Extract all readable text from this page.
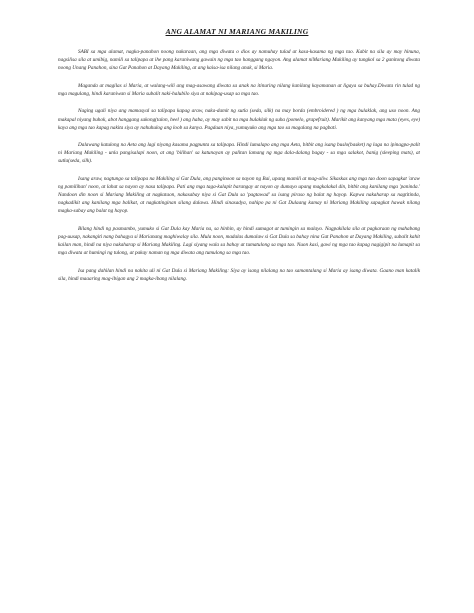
ANG ALAMAT NI MARIANG MAKILING

SABI sa mga alamat, nagka-panahon noong nakaraan, ang mga diwata o dios ay namuhay tulad at kasa-kasama ng mga tao. Kabit na sila ay may hinuna, nagsilisa sila at umibig, namili sa talipapa at ihe pang karaniwang gawain ng mga tao hanggang ngayon. Ang alamat niMariang Makiling ay tungkol sa 2 ganitong diwata noong Unang Panahon, sina Gat Panahon at Dayang Makiling, at ang kaisa-isa nilang anak, si Maria.

Maganda at magilas si Maria, at walang-wili ang mag-asawang diwata sa anak na itinuring nilang kanilang kayamanan at ligaya sa buhay.Diwata rin tulad ng mga magulang, hindi karaniwan si Maria subalit naki-halubilo siya at nakipag-usap sa mga tao.

Naging ugali niya ang mamasyal sa talipapa kapag araw, naka-damit ng sutla (seda, silk) na may borda (embroidered ) ng mga bulaklak, ang uso noon. Ang makapal niyang buhok, abot hanggang sakong(talon, heel ) ang haba, ay may sabit na mga bulaklak ng suha (pomelo, grapefruit). Marikit ang kanyang mga mata (eyes, eye) kaya ang mga tao kapag nakita siya ay nahuhulog ang loob sa kanya. Pagdaan niya, yumuyuko ang mga tao sa magalang na pagbati.

Dalawang katulong na Aeta ang lagi niyang kasama pagpunta sa talipapa. Hindi lumalapo ang mga Aeta, bitbit ang isang buslo(basket) ng laga na ipinagpa-palit ni Mariang Makiling - unla pangisalapi noon, at ang 'bilihan' sa katunayan ay palitan lamang ng mga dala-dalang bagay - sa mga salakot, banig (sleeping mats), at sutla(seda, silk).

Isang araw, nagtungo sa talipapa na Makiling si Gat Dula, ang panginoon sa nayon ng Bai, upang mamili at mag-aliw. Sikaskas ang mga tao doon sapagkat 'araw ng pamilihan' noon, at lahat sa nayon ay nasa talipapa. Pati ang mga taga-kalapit barangay at nayon ay dumayo upang magkalakal din, bitbit ang kanilang mga 'paninda.' Nandoon din noon si Mariang Makiling at nagkataon, nakasabay niya si Gat Dula sa 'pagtawad' sa isang piraso ng balat ng hayop. Kapwa nakaharap sa nagtitinda, nagkadikit ang kanilang mga balikat, at nagkatinginan silang dalawa. Hindi sinasadya, nahipo pa ni Gat Dulaang kamay ni Mariang Makiling sapagkat hawak nilang magka-sabay ang balat ng hayop.

Bilang hindi ng pasmambo, yumuko si Gat Dula kay Maria na, sa hinhin, ay hindi sumagot at tumingin sa malayo. Nagpakilala sila at pagkaraan ng mahabang pag-uusap, nakangiti nang bahagya si Marianang maghiwalay sila. Mula noon, madalas dumalaw si Gat Dula sa bahay nina Gat Panahon at Dayang Makiling, subalit kahit kailan man, hindi na niya nakaharap si Mariang Makiling. Lagi siyang wala sa bahay at tumatulong sa mga tao. Nuon kasi, gawi ng mga tao kapag nagigipit na lumapit sa mga diwata at humingi ng tulong, at pakay naman ng mga diwata ang tumulong sa mga tao.

Isa pang dahilan hindi na nakita uli ni Gat Dula si Mariang Makiling: Siya ay isang nilalang na tao samantalang si Maria ay isang diwata. Gaano man katalik sila, hindi maaaring mag-ibigan ang 2 magka-ibang nilalang.
